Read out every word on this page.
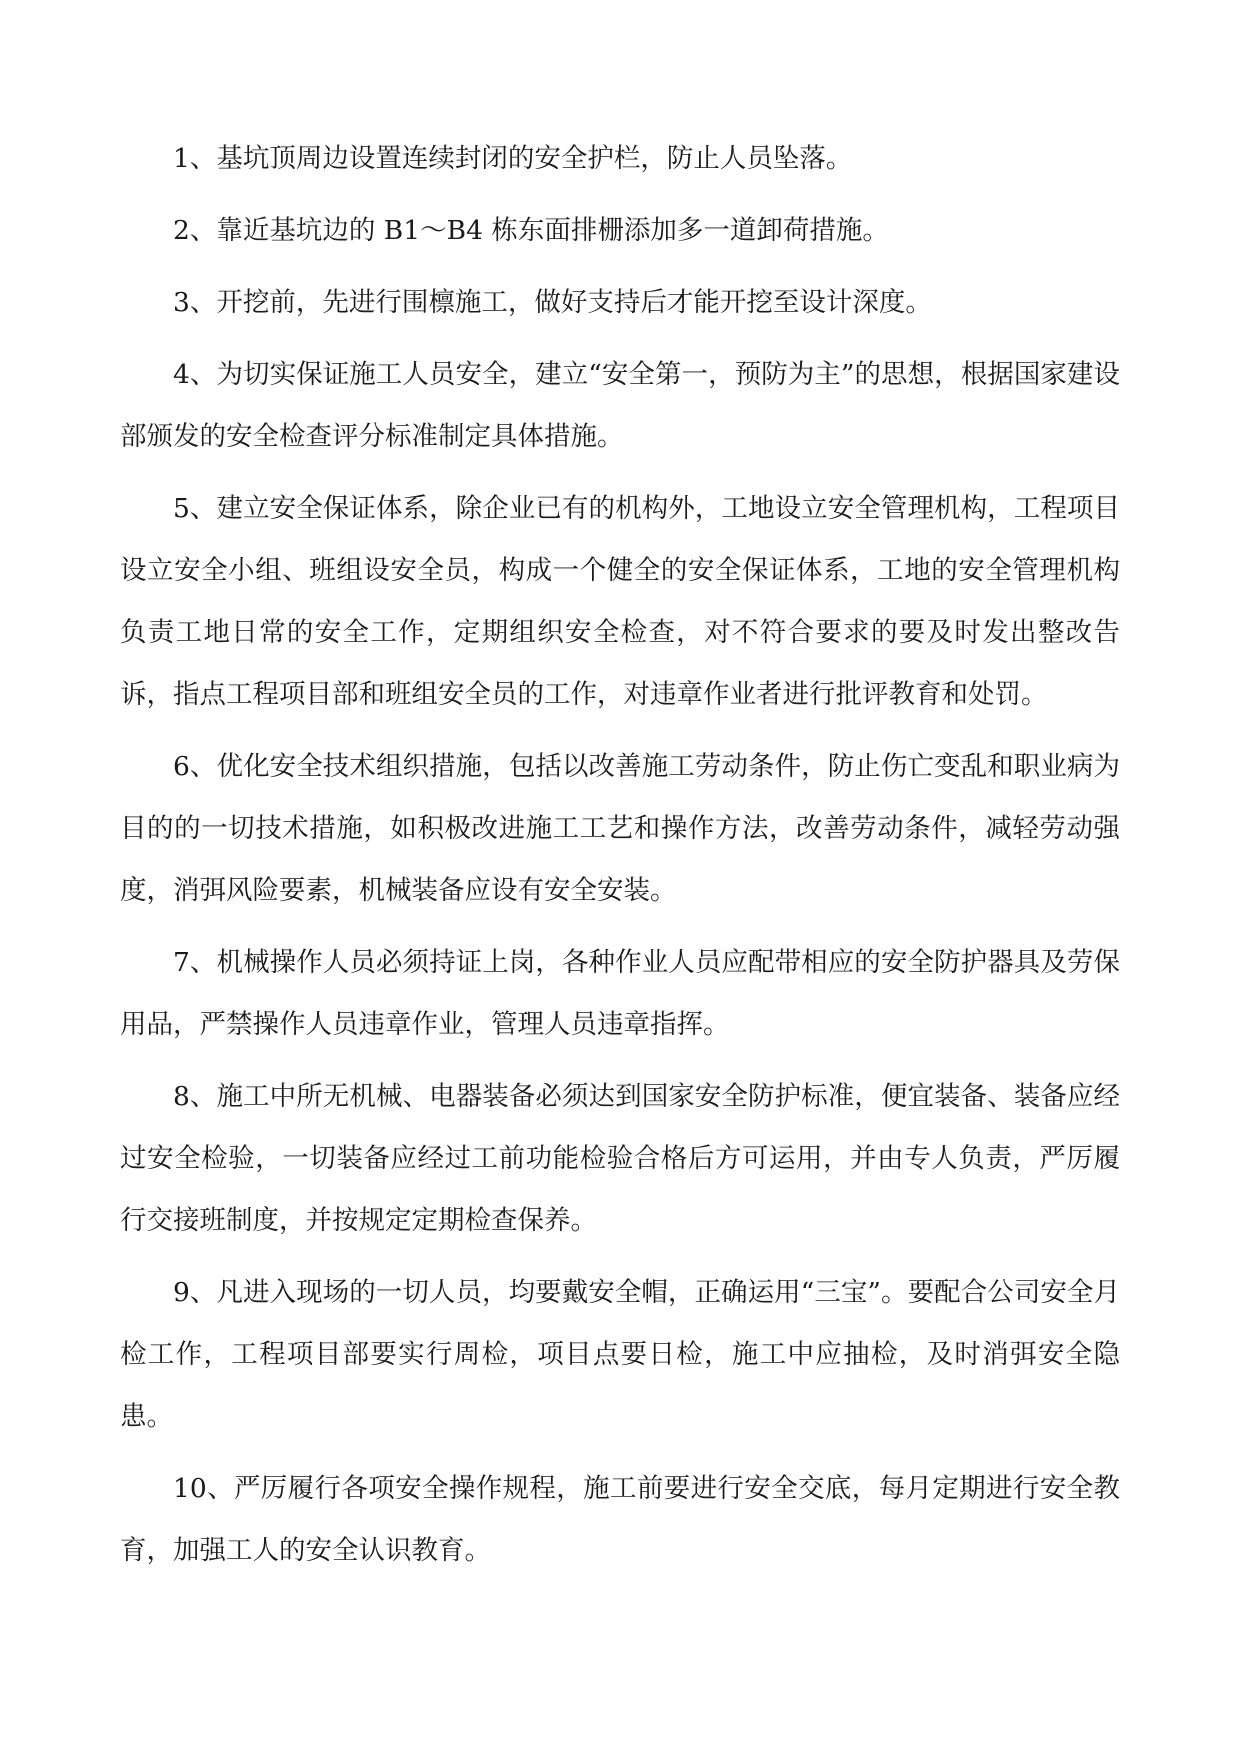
1、基坑顶周边设置连续封闭的安全护栏，防止人员坠落。

2、靠近基坑边的 B1～B4 栋东面排栅添加多一道卸荷措施。

3、开挖前，先进行围檩施工，做好支持后才能开挖至设计深度。

4、为切实保证施工人员安全，建立“安全第一，预防为主”的思想，根据国家建设部颁发的安全检查评分标准制定具体措施。

5、建立安全保证体系，除企业已有的机构外，工地设立安全管理机构，工程项目设立安全小组、班组设安全员，构成一个健全的安全保证体系，工地的安全管理机构负责工地日常的安全工作，定期组织安全检查，对不符合要求的要及时发出整改告诉，指点工程项目部和班组安全员的工作，对违章作业者进行批评教育和处罚。

6、优化安全技术组织措施，包括以改善施工劳动条件，防止伤亡变乱和职业病为目的的一切技术措施，如积极改进施工工艺和操作方法，改善劳动条件，减轻劳动强度，消弭风险要素，机械装备应设有安全安装。

7、机械操作人员必须持证上岗，各种作业人员应配带相应的安全防护器具及劳保用品，严禁操作人员违章作业，管理人员违章指挥。

8、施工中所无机械、电器装备必须达到国家安全防护标准，便宜装备、装备应经过安全检验，一切装备应经过工前功能检验合格后方可运用，并由专人负责，严厉履行交接班制度，并按规定定期检查保养。

9、凡进入现场的一切人员，均要戴安全帽，正确运用“三宝”。要配合公司安全月检工作，工程项目部要实行周检，项目点要日检，施工中应抽检，及时消弭安全隐患。

10、严厉履行各项安全操作规程，施工前要进行安全交底，每月定期进行安全教育，加强工人的安全认识教育。
